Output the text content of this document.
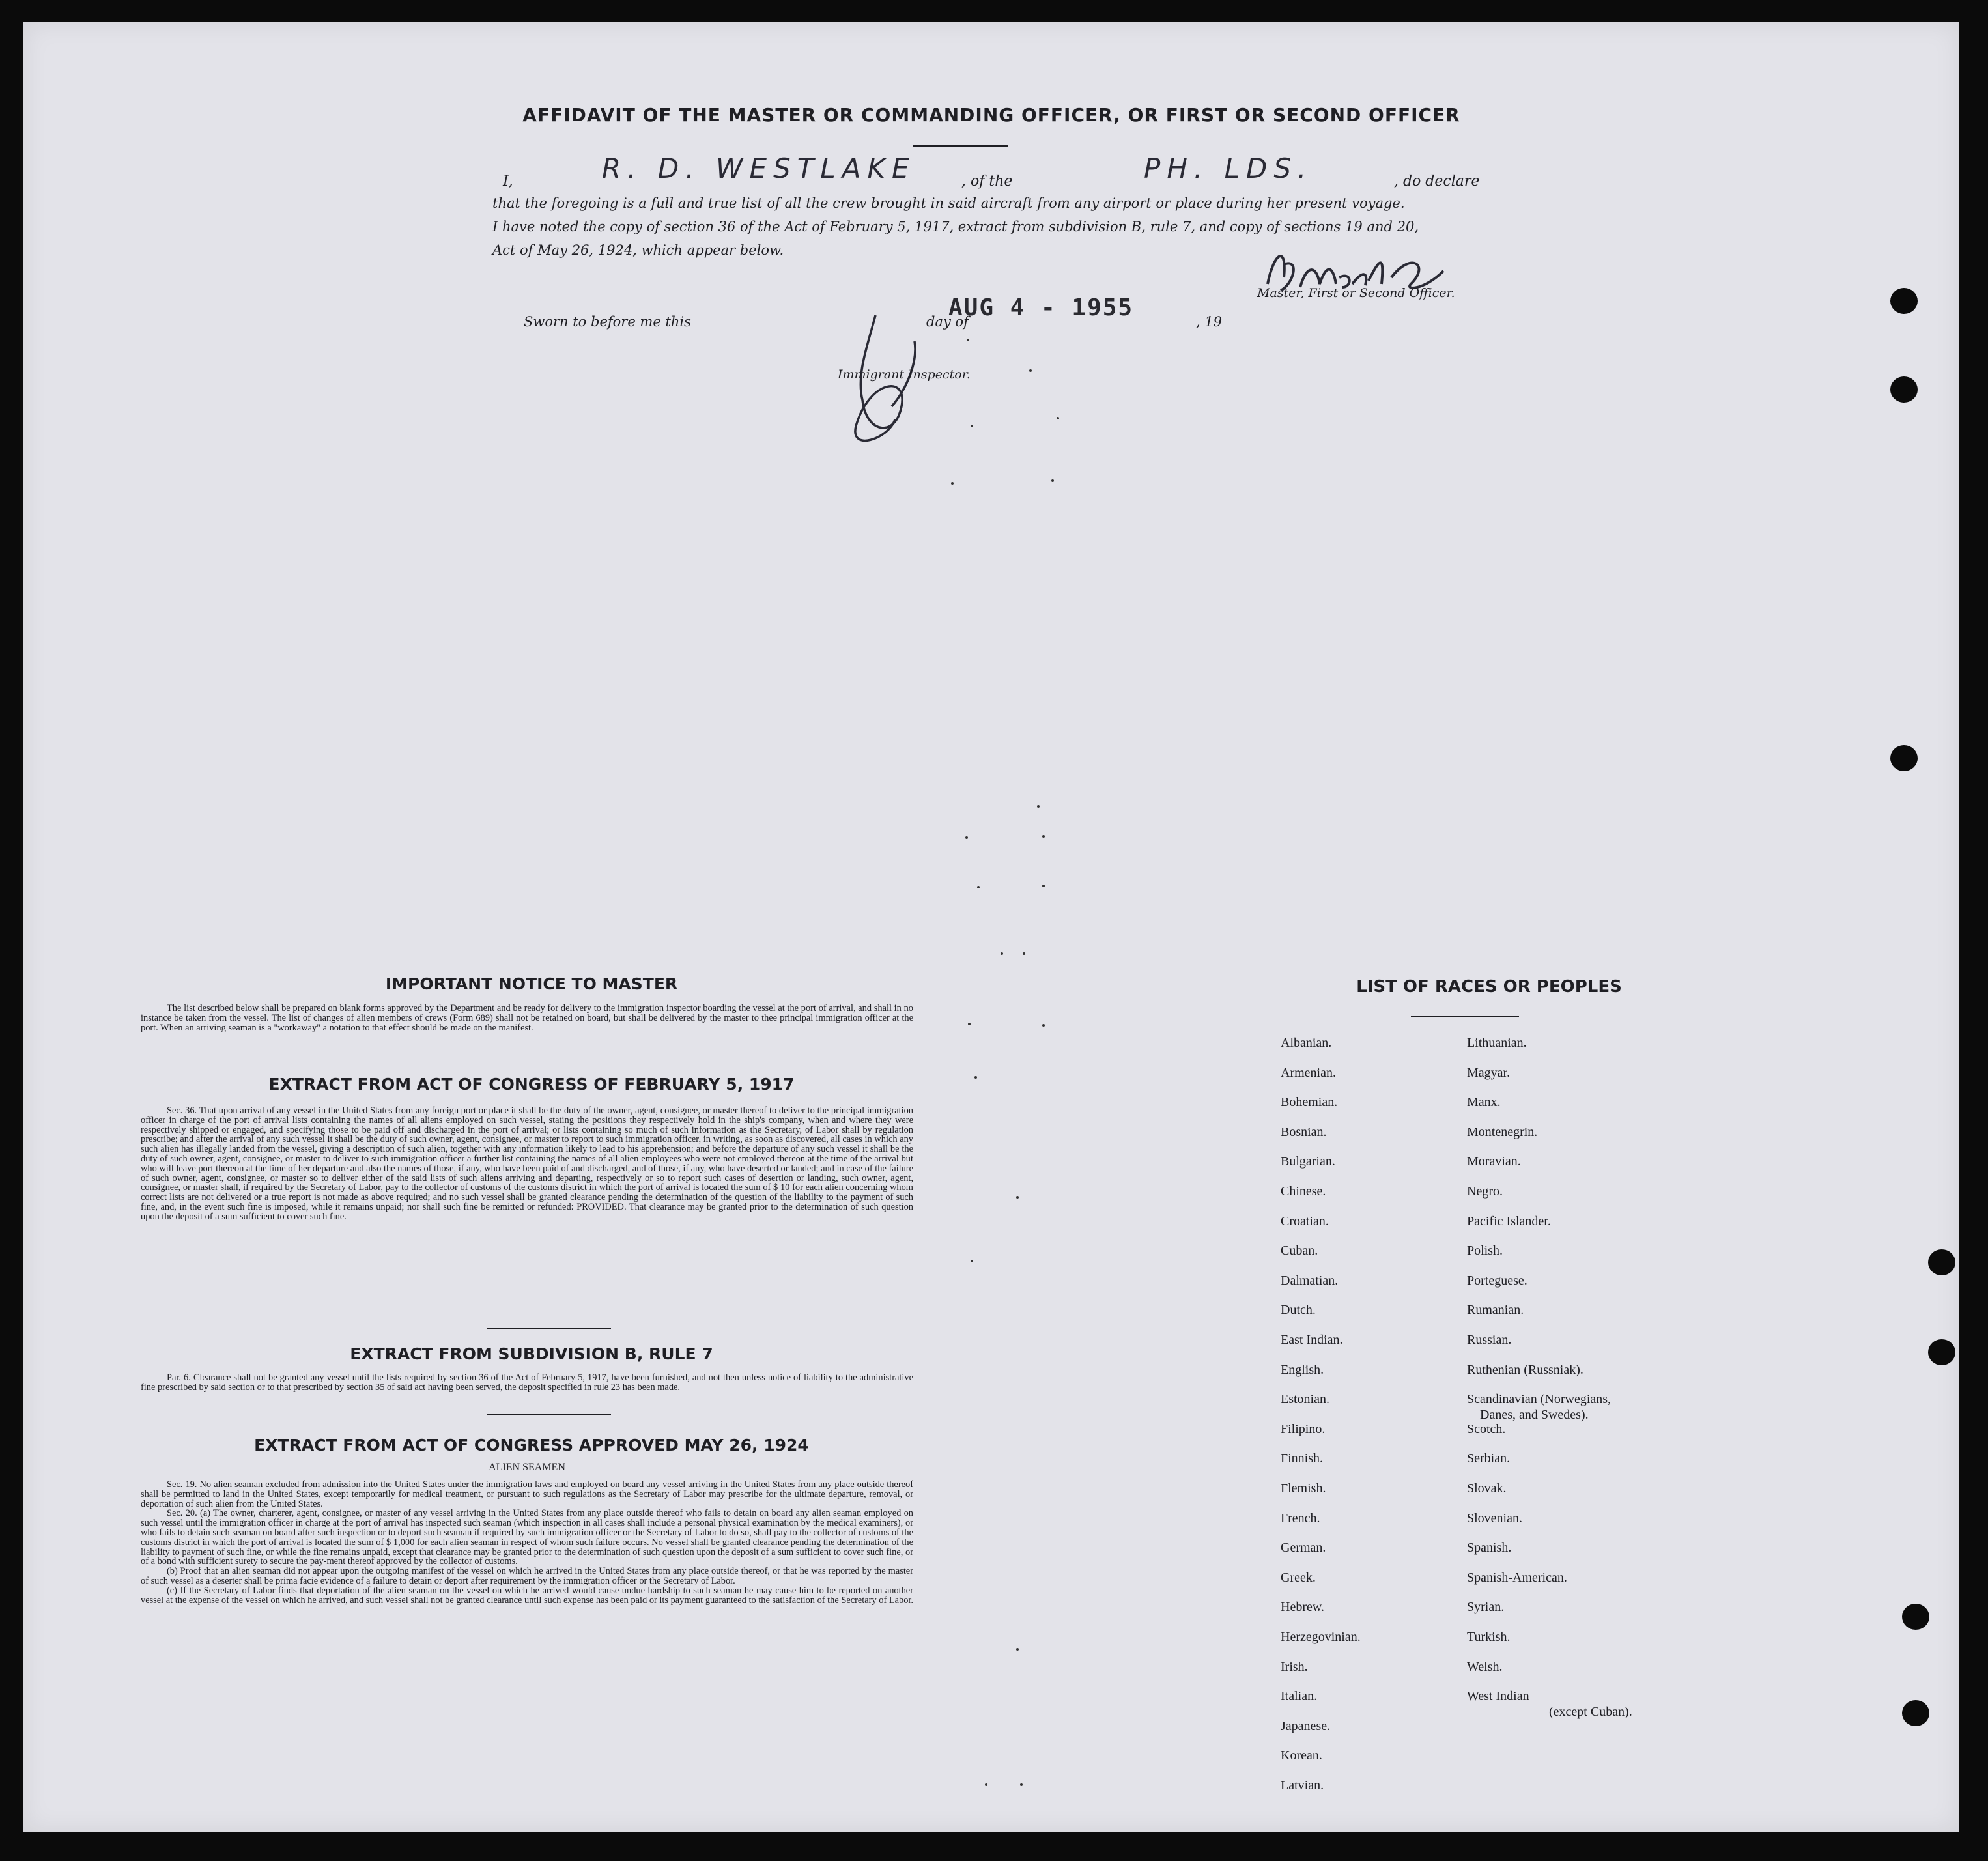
AFFIDAVIT OF THE MASTER OR COMMANDING OFFICER, OR FIRST OR SECOND OFFICER
I,	R. D. WESTLAKE	, of the	PH. LDS.	, do declare
that the foregoing is a full and true list of all the crew brought in said aircraft from any airport or place during her present voyage.
I have noted the copy of section 36 of the Act of February 5, 1917, extract from subdivision B, rule 7, and copy of sections 19 and 20,
Act of May 26, 1924, which appear below.
Master, First or Second Officer.
Sworn to before me this	day of
AUG 4 - 1955
, 19
Immigrant Inspector.
IMPORTANT NOTICE TO MASTER

The list described below shall be prepared on blank forms approved by the Department and be ready for delivery to the immigration inspector boarding the vessel at the port of arrival, and shall in no instance be taken from the vessel. The list of changes of alien members of crews (Form 689) shall not be retained on board, but shall be delivered by the master to thee principal immigration officer at the port. When an arriving seaman is a "workaway" a notation to that effect should be made on the manifest.

EXTRACT FROM ACT OF CONGRESS OF FEBRUARY 5, 1917

Sec. 36. That upon arrival of any vessel in the United States from any foreign port or place it shall be the duty of the owner, agent, consignee, or master thereof to deliver to the principal immigration officer in charge of the port of arrival lists containing the names of all aliens employed on such vessel, stating the positions they respectively hold in the ship's company, when and where they were respectively shipped or engaged, and specifying those to be paid off and discharged in the port of arrival; or lists containing so much of such information as the Secretary, of Labor shall by regulation prescribe; and after the arrival of any such vessel it shall be the duty of such owner, agent, consignee, or master to report to such immigration officer, in writing, as soon as discovered, all cases in which any such alien has illegally landed from the vessel, giving a description of such alien, together with any information likely to lead to his apprehension; and before the departure of any such vessel it shall be the duty of such owner, agent, consignee, or master to deliver to such immigration officer a further list containing the names of all alien employees who were not employed thereon at the time of the arrival but who will leave port thereon at the time of her departure and also the names of those, if any, who have been paid of and discharged, and of those, if any, who have deserted or landed; and in case of the failure of such owner, agent, consignee, or master so to deliver either of the said lists of such aliens arriving and departing, respectively or so to report such cases of desertion or landing, such owner, agent, consignee, or master shall, if required by the Secretary of Labor, pay to the collector of customs of the customs district in which the port of arrival is located the sum of $ 10 for each alien concerning whom correct lists are not delivered or a true report is not made as above required; and no such vessel shall be granted clearance pending the determination of the question of the liability to the payment of such fine, and, in the event such fine is imposed, while it remains unpaid; nor shall such fine be remitted or refunded: PROVIDED. That clearance may be granted prior to the determination of such question upon the deposit of a sum sufficient to cover such fine.

EXTRACT FROM SUBDIVISION B, RULE 7

Par. 6. Clearance shall not be granted any vessel until the lists required by section 36 of the Act of February 5, 1917, have been furnished, and not then unless notice of liability to the administrative fine prescribed by said section or to that prescribed by section 35 of said act having been served, the deposit specified in rule 23 has been made.

EXTRACT FROM ACT OF CONGRESS APPROVED MAY 26, 1924
ALIEN SEAMEN

Sec. 19. No alien seaman excluded from admission into the United States under the immigration laws and employed on board any vessel arriving in the United States from any place outside thereof shall be permitted to land in the United States, except temporarily for medical treatment, or pursuant to such regulations as the Secretary of Labor may prescribe for the ultimate departure, removal, or deportation of such alien from the United States.

Sec. 20. (a) The owner, charterer, agent, consignee, or master of any vessel arriving in the United States from any place outside thereof who fails to detain on board any alien seaman employed on such vessel until the immigration officer in charge at the port of arrival has inspected such seaman (which inspection in all cases shall include a personal physical examination by the medical examiners), or who fails to detain such seaman on board after such inspection or to deport such seaman if required by such immigration officer or the Secretary of Labor to do so, shall pay to the collector of customs of the customs district in which the port of arrival is located the sum of $ 1,000 for each alien seaman in respect of whom such failure occurs. No vessel shall be granted clearance pending the determination of the liability to payment of such fine, or while the fine remains unpaid, except that clearance may be granted prior to the determination of such question upon the deposit of a sum sufficient to cover such fine, or of a bond with sufficient surety to secure the pay-ment thereof approved by the collector of customs.

(b) Proof that an alien seaman did not appear upon the outgoing manifest of the vessel on which he arrived in the United States from any place outside thereof, or that he was reported by the master of such vessel as a deserter shall be prima facie evidence of a failure to detain or deport after requirement by the immigration officer or the Secretary of Labor.

(c) If the Secretary of Labor finds that deportation of the alien seaman on the vessel on which he arrived would cause undue hardship to such seaman he may cause him to be reported on another vessel at the expense of the vessel on which he arrived, and such vessel shall not be granted clearance until such expense has been paid or its payment guaranteed to the satisfaction of the Secretary of Labor.

LIST OF RACES OR PEOPLES
Albanian.
Armenian.
Bohemian.
Bosnian.
Bulgarian.
Chinese.
Croatian.
Cuban.
Dalmatian.
Dutch.
East Indian.
English.
Estonian.
Filipino.
Finnish.
Flemish.
French.
German.
Greek.
Hebrew.
Herzegovinian.
Irish.
Italian.
Japanese.
Korean.
Latvian.
Lithuanian.
Magyar.
Manx.
Montenegrin.
Moravian.
Negro.
Pacific Islander.
Polish.
Porteguese.
Rumanian.
Russian.
Ruthenian (Russniak).
Scandinavian (Norwegians,
Danes, and Swedes).
Scotch.
Serbian.
Slovak.
Slovenian.
Spanish.
Spanish-American.
Syrian.
Turkish.
Welsh.
West Indian
(except Cuban).
